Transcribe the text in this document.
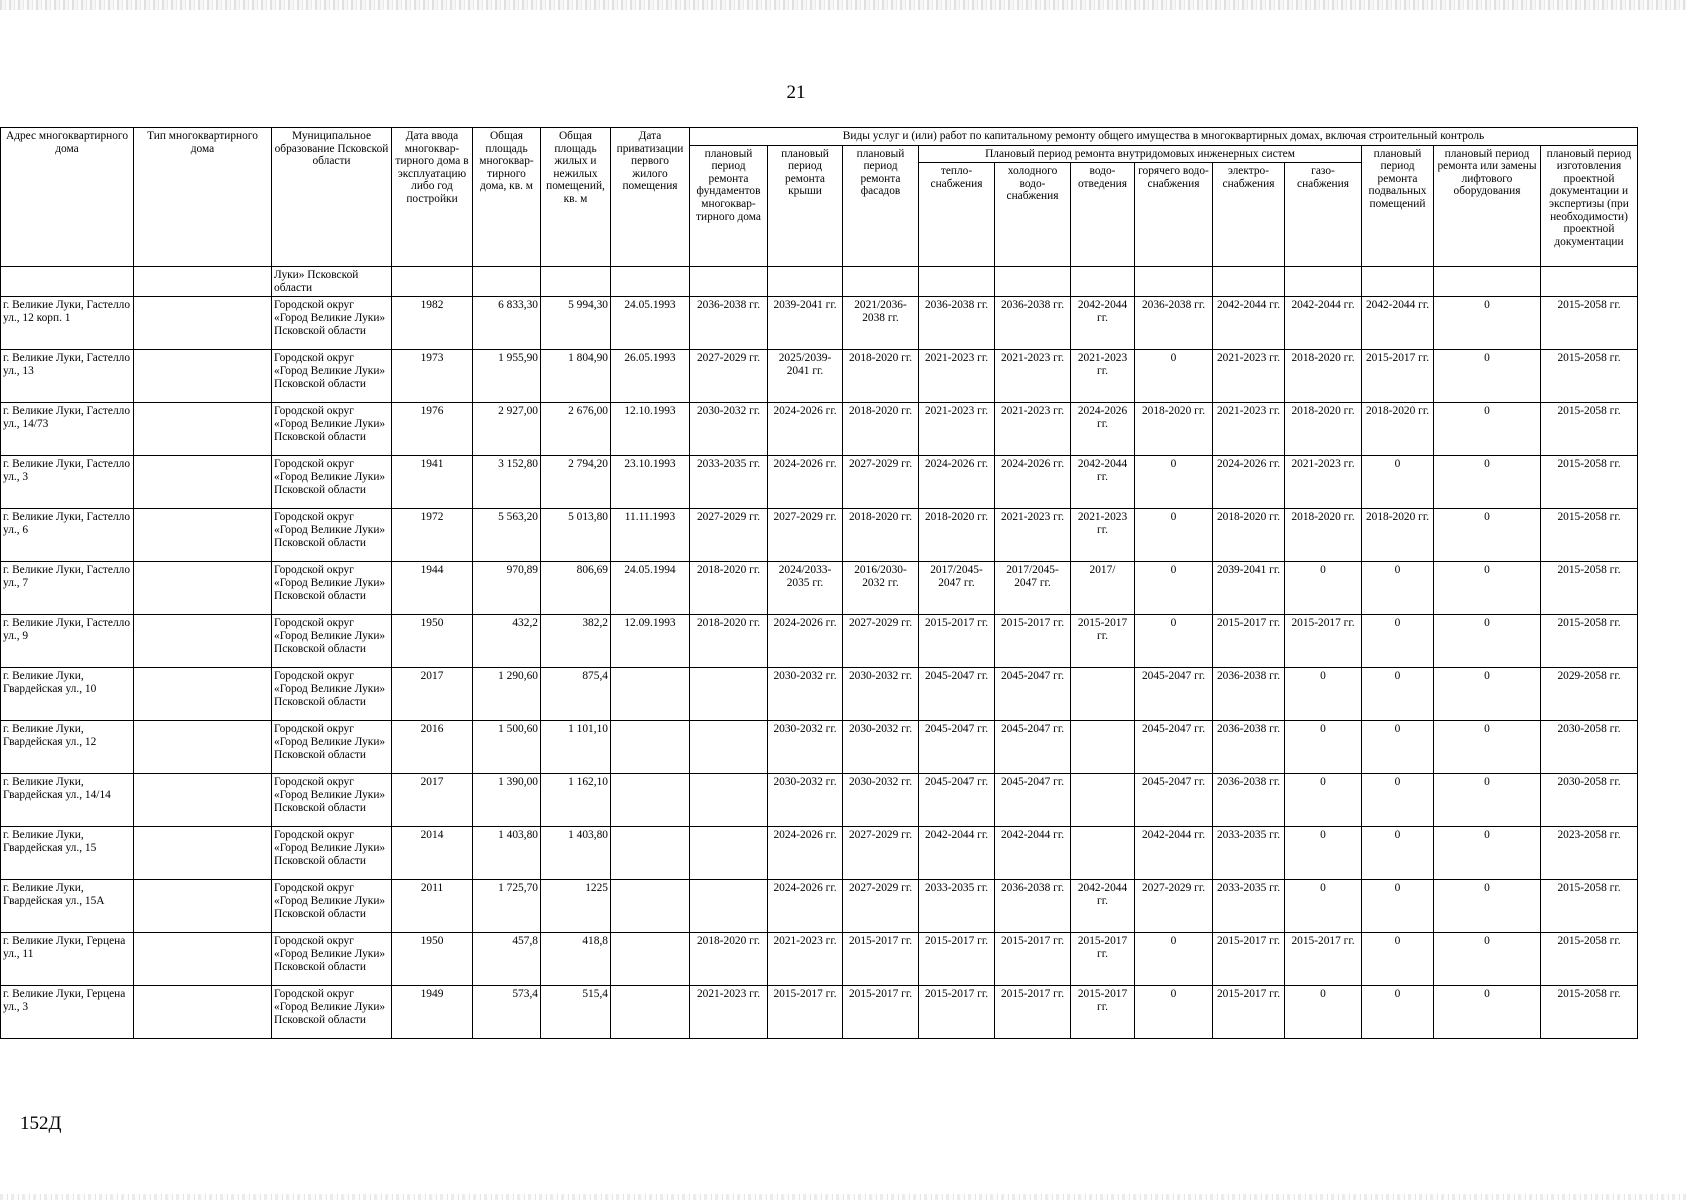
21
Адрес многоквартирного дома	Тип многоквартирного дома	Муниципальное образование Псковской области	Дата ввода многоквар-тирного дома в эксплуатацию либо год постройки	Общая площадь многоквар-тирного дома, кв. м	Общая площадь жилых и нежилых помещений, кв. м	Дата приватизации первого жилого помещения	Виды услуг и (или) работ по капитальному ремонту общего имущества в многоквартирных домах, включая строительный контроль											
							плановый период ремонта фундаментов многоквар-тирного дома	плановый период ремонта крыши	плановый период ремонта фасадов	Плановый период ремонта внутридомовых инженерных систем						плановый период ремонта подвальных помещений	плановый период ремонта или замены лифтового оборудования	плановый период изготовления проектной документации и экспертизы (при необходимости) проектной документации
										тепло-снабжения	холодного водо-снабжения	водо-отведения	горячего водо-снабжения	электро-снабжения	газо-снабжения			
		Луки» Псковской области																
г. Великие Луки, Гастелло ул., 12 корп. 1		Городской округ «Город Великие Луки» Псковской области	1982	6 833,30	5 994,30	24.05.1993	2036-2038 гг.	2039-2041 гг.	2021/2036-2038 гг.	2036-2038 гг.	2036-2038 гг.	2042-2044 гг.	2036-2038 гг.	2042-2044 гг.	2042-2044 гг.	2042-2044 гг.	0	2015-2058 гг.
г. Великие Луки, Гастелло ул., 13		Городской округ «Город Великие Луки» Псковской области	1973	1 955,90	1 804,90	26.05.1993	2027-2029 гг.	2025/2039-2041 гг.	2018-2020 гг.	2021-2023 гг.	2021-2023 гг.	2021-2023 гг.	0	2021-2023 гг.	2018-2020 гг.	2015-2017 гг.	0	2015-2058 гг.
г. Великие Луки, Гастелло ул., 14/73		Городской округ «Город Великие Луки» Псковской области	1976	2 927,00	2 676,00	12.10.1993	2030-2032 гг.	2024-2026 гг.	2018-2020 гг.	2021-2023 гг.	2021-2023 гг.	2024-2026 гг.	2018-2020 гг.	2021-2023 гг.	2018-2020 гг.	2018-2020 гг.	0	2015-2058 гг.
г. Великие Луки, Гастелло ул., 3		Городской округ «Город Великие Луки» Псковской области	1941	3 152,80	2 794,20	23.10.1993	2033-2035 гг.	2024-2026 гг.	2027-2029 гг.	2024-2026 гг.	2024-2026 гг.	2042-2044 гг.	0	2024-2026 гг.	2021-2023 гг.	0	0	2015-2058 гг.
г. Великие Луки, Гастелло ул., 6		Городской округ «Город Великие Луки» Псковской области	1972	5 563,20	5 013,80	11.11.1993	2027-2029 гг.	2027-2029 гг.	2018-2020 гг.	2018-2020 гг.	2021-2023 гг.	2021-2023 гг.	0	2018-2020 гг.	2018-2020 гг.	2018-2020 гг.	0	2015-2058 гг.
г. Великие Луки, Гастелло ул., 7		Городской округ «Город Великие Луки» Псковской области	1944	970,89	806,69	24.05.1994	2018-2020 гг.	2024/2033-2035 гг.	2016/2030-2032 гг.	2017/2045-2047 гг.	2017/2045-2047 гг.	2017/	0	2039-2041 гг.	0	0	0	2015-2058 гг.
г. Великие Луки, Гастелло ул., 9		Городской округ «Город Великие Луки» Псковской области	1950	432,2	382,2	12.09.1993	2018-2020 гг.	2024-2026 гг.	2027-2029 гг.	2015-2017 гг.	2015-2017 гг.	2015-2017 гг.	0	2015-2017 гг.	2015-2017 гг.	0	0	2015-2058 гг.
г. Великие Луки, Гвардейская ул., 10		Городской округ «Город Великие Луки» Псковской области	2017	1 290,60	875,4			2030-2032 гг.	2030-2032 гг.	2045-2047 гг.	2045-2047 гг.		2045-2047 гг.	2036-2038 гг.	0	0	0	2029-2058 гг.
г. Великие Луки, Гвардейская ул., 12		Городской округ «Город Великие Луки» Псковской области	2016	1 500,60	1 101,10			2030-2032 гг.	2030-2032 гг.	2045-2047 гг.	2045-2047 гг.		2045-2047 гг.	2036-2038 гг.	0	0	0	2030-2058 гг.
г. Великие Луки, Гвардейская ул., 14/14		Городской округ «Город Великие Луки» Псковской области	2017	1 390,00	1 162,10			2030-2032 гг.	2030-2032 гг.	2045-2047 гг.	2045-2047 гг.		2045-2047 гг.	2036-2038 гг.	0	0	0	2030-2058 гг.
г. Великие Луки, Гвардейская ул., 15		Городской округ «Город Великие Луки» Псковской области	2014	1 403,80	1 403,80			2024-2026 гг.	2027-2029 гг.	2042-2044 гг.	2042-2044 гг.		2042-2044 гг.	2033-2035 гг.	0	0	0	2023-2058 гг.
г. Великие Луки, Гвардейская ул., 15А		Городской округ «Город Великие Луки» Псковской области	2011	1 725,70	1225			2024-2026 гг.	2027-2029 гг.	2033-2035 гг.	2036-2038 гг.	2042-2044 гг.	2027-2029 гг.	2033-2035 гг.	0	0	0	2015-2058 гг.
г. Великие Луки, Герцена ул., 11		Городской округ «Город Великие Луки» Псковской области	1950	457,8	418,8		2018-2020 гг.	2021-2023 гг.	2015-2017 гг.	2015-2017 гг.	2015-2017 гг.	2015-2017 гг.	0	2015-2017 гг.	2015-2017 гг.	0	0	2015-2058 гг.
г. Великие Луки, Герцена ул., 3		Городской округ «Город Великие Луки» Псковской области	1949	573,4	515,4		2021-2023 гг.	2015-2017 гг.	2015-2017 гг.	2015-2017 гг.	2015-2017 гг.	2015-2017 гг.	0	2015-2017 гг.	0	0	0	2015-2058 гг.
152Д
